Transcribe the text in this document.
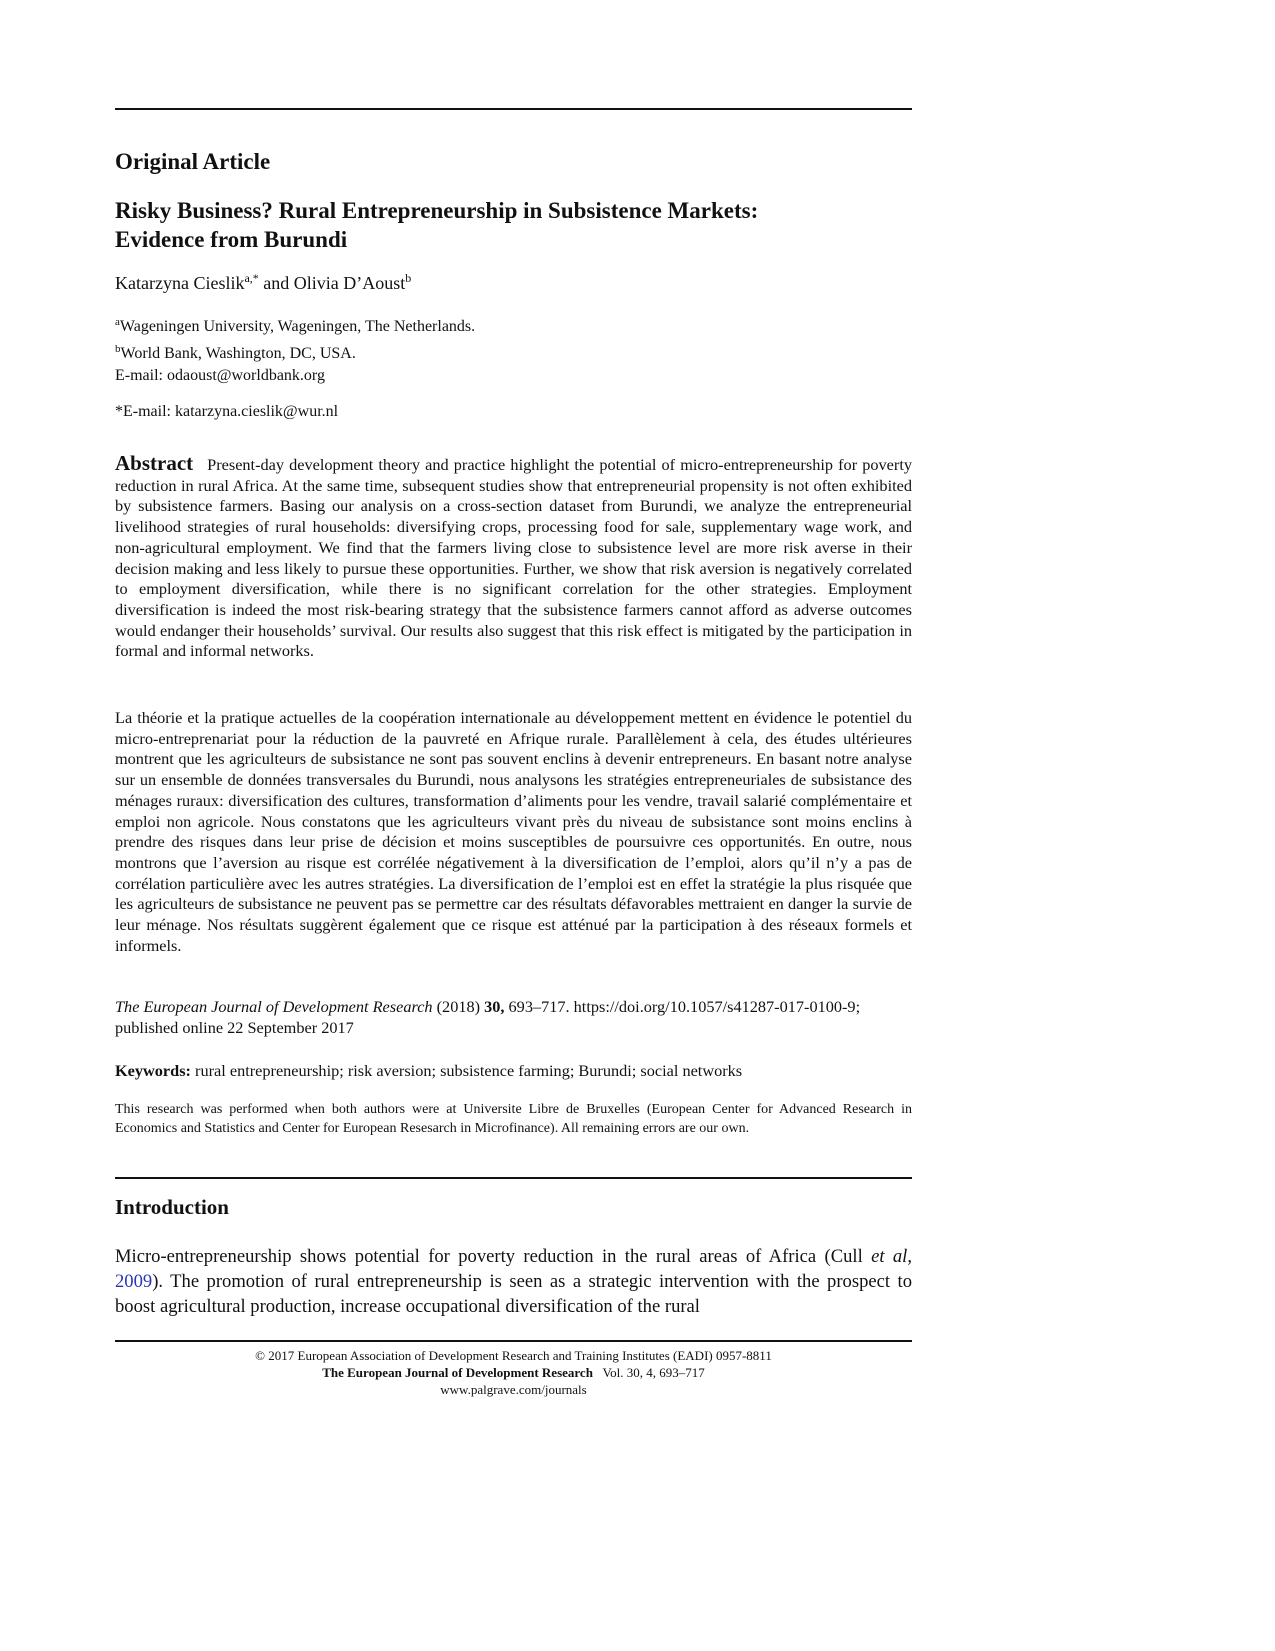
Original Article
Risky Business? Rural Entrepreneurship in Subsistence Markets:
Evidence from Burundi

Katarzyna Cieslik$^{a,*}$ and Olivia D’Aoust$^b$

$^a$Wageningen University, Wageningen, The Netherlands.
$^b$World Bank, Washington, DC, USA.
E-mail: odaoust@worldbank.org
*E-mail: katarzyna.cieslik@wur.nl

Abstract Present-day development theory and practice highlight the potential of micro-entrepreneurship for poverty reduction in rural Africa. At the same time, subsequent studies show that entrepreneurial propensity is not often exhibited by subsistence farmers. Basing our analysis on a cross-section dataset from Burundi, we analyze the entrepreneurial livelihood strategies of rural households: diversifying crops, processing food for sale, supplementary wage work, and non-agricultural employment. We find that the farmers living close to subsistence level are more risk averse in their decision making and less likely to pursue these opportunities. Further, we show that risk aversion is negatively correlated to employment diversification, while there is no significant correlation for the other strategies. Employment diversification is indeed the most risk-bearing strategy that the subsistence farmers cannot afford as adverse outcomes would endanger their households’ survival. Our results also suggest that this risk effect is mitigated by the participation in formal and informal networks.

La théorie et la pratique actuelles de la coopération internationale au développement mettent en évidence le potentiel du micro-entreprenariat pour la réduction de la pauvreté en Afrique rurale. Parallèlement à cela, des études ultérieures montrent que les agriculteurs de subsistance ne sont pas souvent enclins à devenir entrepreneurs. En basant notre analyse sur un ensemble de données transversales du Burundi, nous analysons les stratégies entrepreneuriales de subsistance des ménages ruraux: diversification des cultures, transformation d’aliments pour les vendre, travail salarié complémentaire et emploi non agricole. Nous constatons que les agriculteurs vivant près du niveau de subsistance sont moins enclins à prendre des risques dans leur prise de décision et moins susceptibles de poursuivre ces opportunités. En outre, nous montrons que l’aversion au risque est corrélée négativement à la diversification de l’emploi, alors qu’il n’y a pas de corrélation particulière avec les autres stratégies. La diversification de l’emploi est en effet la stratégie la plus risquée que les agriculteurs de subsistance ne peuvent pas se permettre car des résultats défavorables mettraient en danger la survie de leur ménage. Nos résultats suggèrent également que ce risque est atténué par la participation à des réseaux formels et informels.

The European Journal of Development Research (2018) 30, 693–717. https://doi.org/10.1057/s41287-017-0100-9; published online 22 September 2017

Keywords: rural entrepreneurship; risk aversion; subsistence farming; Burundi; social networks

This research was performed when both authors were at Universite Libre de Bruxelles (European Center for Advanced Research in Economics and Statistics and Center for European Resesarch in Microfinance). All remaining errors are our own.

Introduction

Micro-entrepreneurship shows potential for poverty reduction in the rural areas of Africa (Cull et al, 2009). The promotion of rural entrepreneurship is seen as a strategic intervention with the prospect to boost agricultural production, increase occupational diversification of the rural

© 2017 European Association of Development Research and Training Institutes (EADI) 0957-8811
The European Journal of Development Research   Vol. 30, 4, 693–717
www.palgrave.com/journals
